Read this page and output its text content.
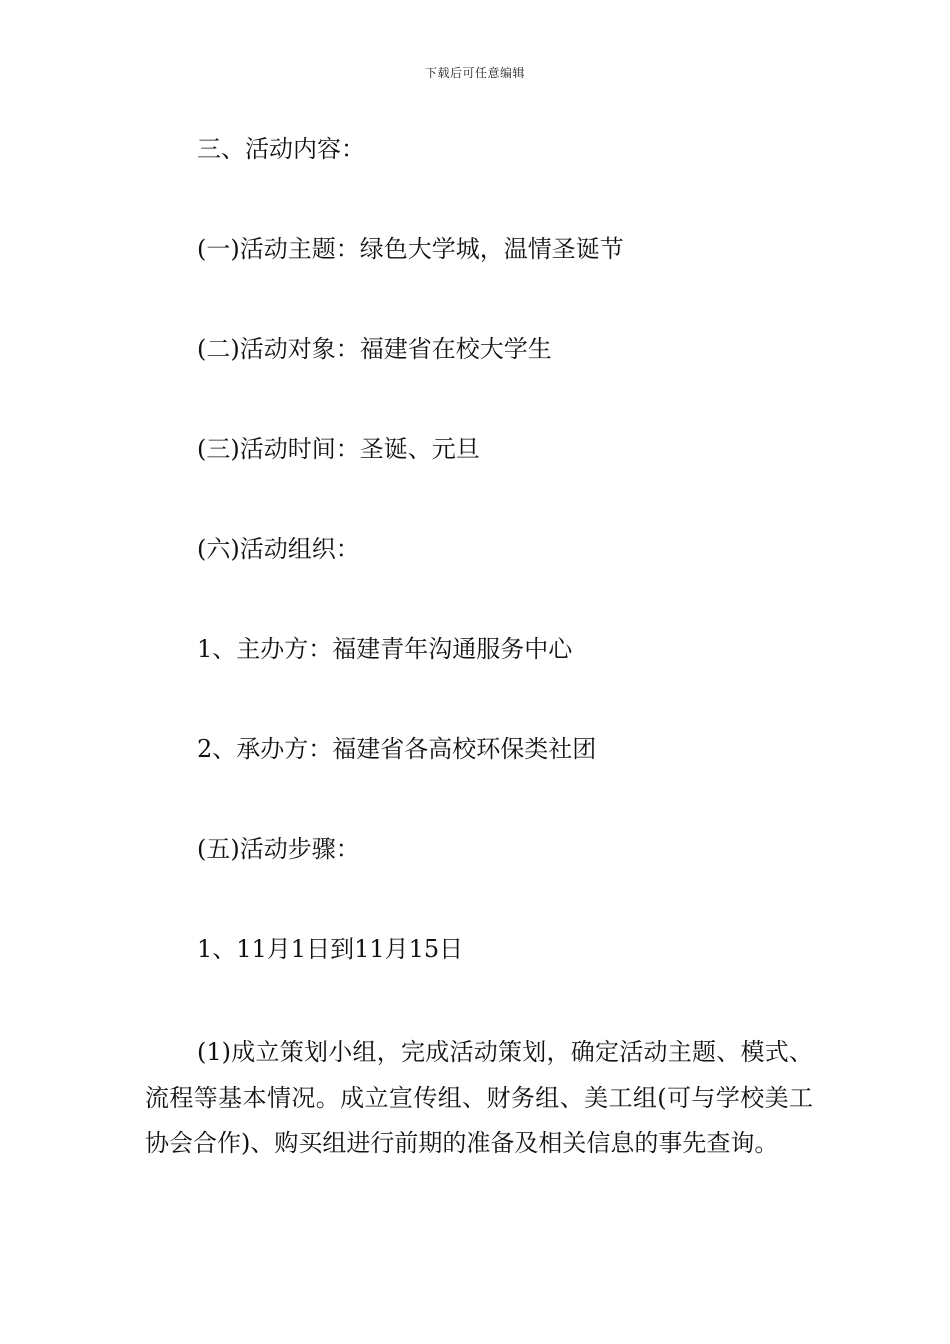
下载后可任意编辑
三、活动内容：
(一)活动主题：绿色大学城，温情圣诞节
(二)活动对象：福建省在校大学生
(三)活动时间：圣诞、元旦
(六)活动组织：
1、主办方：福建青年沟通服务中心
2、承办方：福建省各高校环保类社团
(五)活动步骤：
1、11月1日到11月15日
(1)成立策划小组，完成活动策划，确定活动主题、模式、流程等基本情况。成立宣传组、财务组、美工组(可与学校美工协会合作)、购买组进行前期的准备及相关信息的事先查询。
